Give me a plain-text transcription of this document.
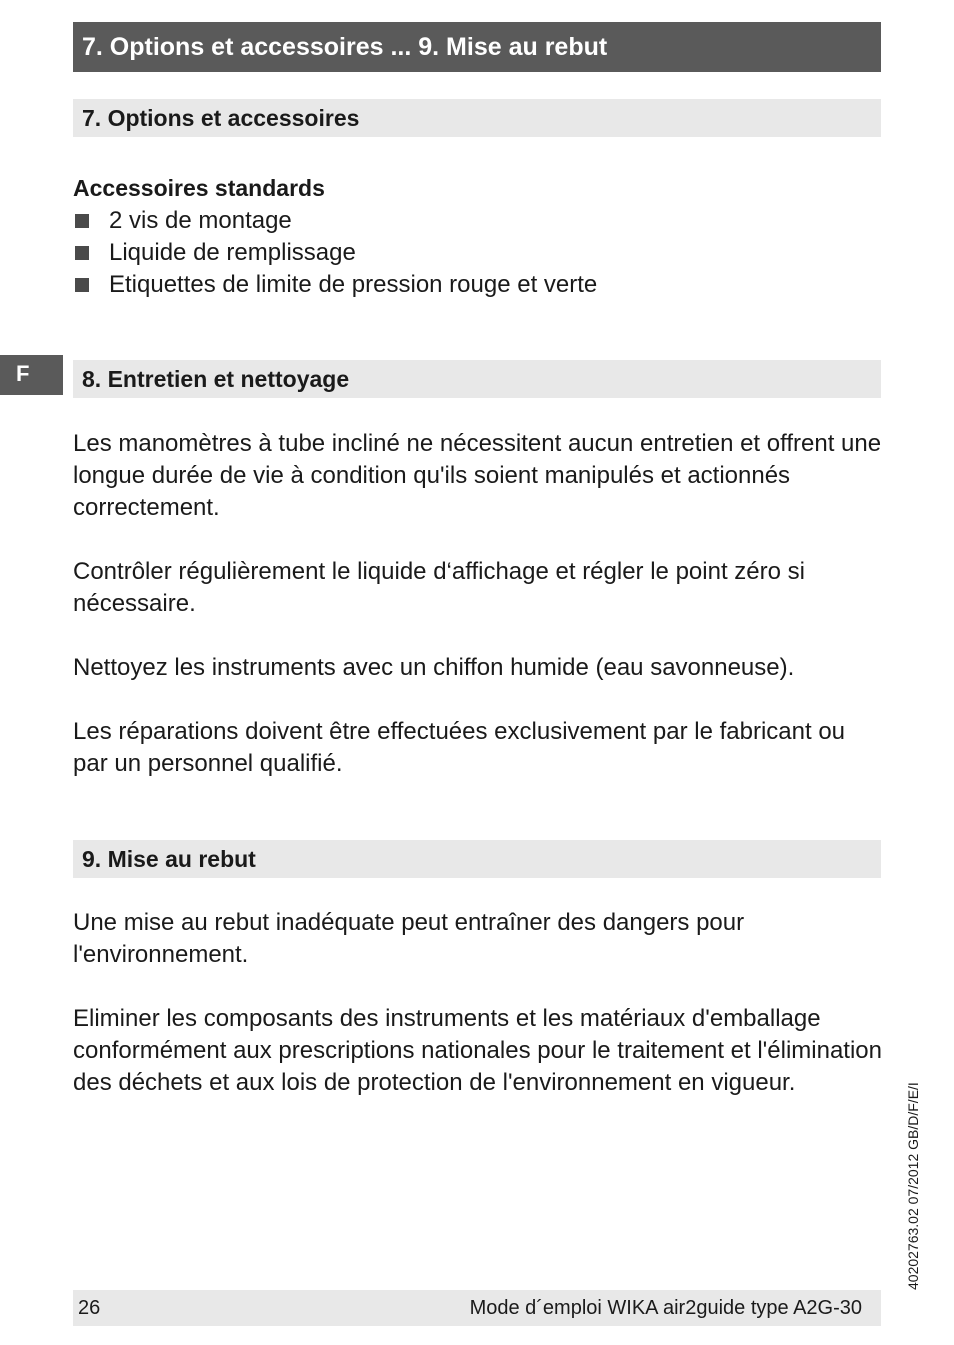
7. Options et accessoires ... 9. Mise au rebut
7. Options et accessoires
Accessoires standards
2 vis de montage
Liquide de remplissage
Etiquettes de limite de pression rouge et verte
F	8. Entretien et nettoyage

Les manomètres à tube incliné ne nécessitent aucun entretien et offrent une longue durée de vie à condition qu'ils soient manipulés et actionnés correctement.

Contrôler régulièrement le liquide d‘affichage et régler le point zéro si nécessaire.

Nettoyez les instruments avec un chiffon humide (eau savonneuse).

Les réparations doivent être effectuées exclusivement par le fabricant ou par un personnel qualifié.

9. Mise au rebut

Une mise au rebut inadéquate peut entraîner des dangers pour l'environnement.

Eliminer les composants des instruments et les matériaux d'emballage conformément aux prescriptions nationales pour le traitement et l'élimination des déchets et aux lois de protection de l'environnement en vigueur.	40202763.02 07/2012 GB/D/F/E/I
26	Mode d´emploi WIKA air2guide type A2G-30
